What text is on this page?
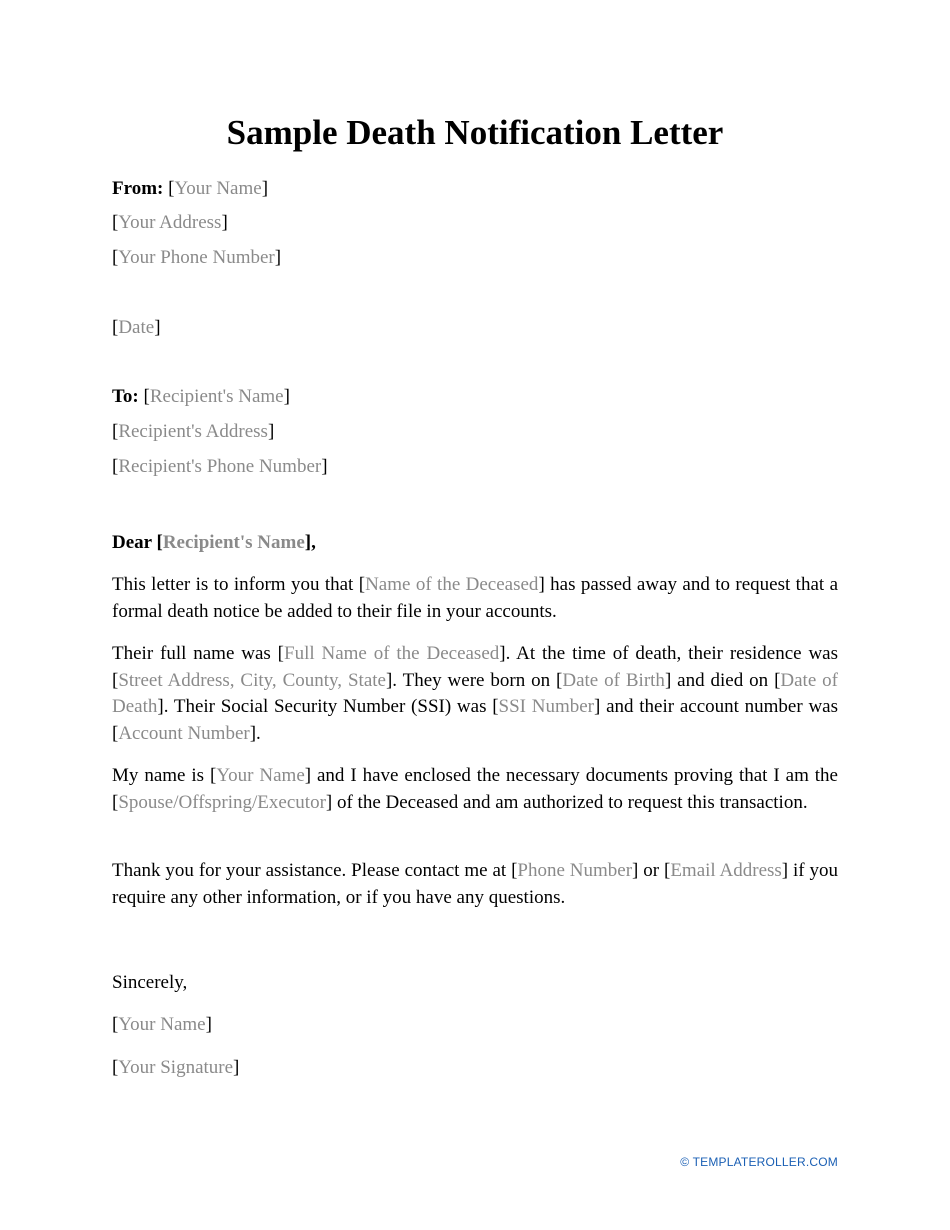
Sample Death Notification Letter
From: [Your Name]
[Your Address]
[Your Phone Number]
[Date]
To: [Recipient's Name]
[Recipient's Address]
[Recipient's Phone Number]
Dear [Recipient's Name],

This letter is to inform you that [Name of the Deceased] has passed away and to request that a formal death notice be added to their file in your accounts.

Their full name was [Full Name of the Deceased]. At the time of death, their residence was [Street Address, City, County, State]. They were born on [Date of Birth] and died on [Date of Death]. Their Social Security Number (SSI) was [SSI Number] and their account number was [Account Number].

My name is [Your Name] and I have enclosed the necessary documents proving that I am the [Spouse/Offspring/Executor] of the Deceased and am authorized to request this transaction.

Thank you for your assistance. Please contact me at [Phone Number] or [Email Address] if you require any other information, or if you have any questions.

Sincerely,
[Your Name]
[Your Signature]
© TEMPLATEROLLER.COM
